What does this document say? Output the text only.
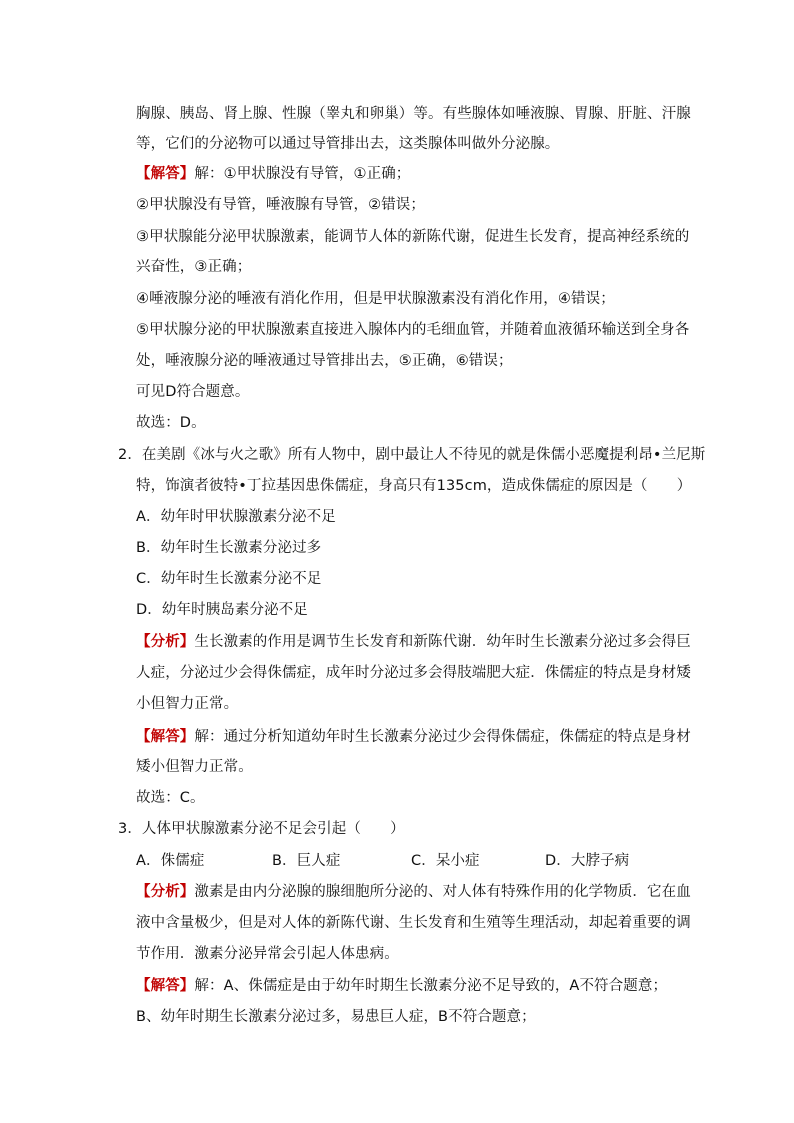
胸腺、胰岛、肾上腺、性腺（睾丸和卵巢）等。有些腺体如唾液腺、胃腺、肝脏、汗腺
等，它们的分泌物可以通过导管排出去，这类腺体叫做外分泌腺。
【解答】解：①甲状腺没有导管，①正确；
②甲状腺没有导管，唾液腺有导管，②错误；
③甲状腺能分泌甲状腺激素，能调节人体的新陈代谢，促进生长发育，提高神经系统的
兴奋性，③正确；
④唾液腺分泌的唾液有消化作用，但是甲状腺激素没有消化作用，④错误；
⑤甲状腺分泌的甲状腺激素直接进入腺体内的毛细血管，并随着血液循环输送到全身各
处，唾液腺分泌的唾液通过导管排出去，⑤正确，⑥错误；
可见D符合题意。
故选：D。
2．在美剧《冰与火之歌》所有人物中，剧中最让人不待见的就是侏儒小恶魔提利昂•兰尼斯
特，饰演者彼特•丁拉基因患侏儒症，身高只有135cm，造成侏儒症的原因是（　　）
A．幼年时甲状腺激素分泌不足
B．幼年时生长激素分泌过多
C．幼年时生长激素分泌不足
D．幼年时胰岛素分泌不足
【分析】生长激素的作用是调节生长发育和新陈代谢．幼年时生长激素分泌过多会得巨
人症，分泌过少会得侏儒症，成年时分泌过多会得肢端肥大症．侏儒症的特点是身材矮
小但智力正常。
【解答】解：通过分析知道幼年时生长激素分泌过少会得侏儒症，侏儒症的特点是身材
矮小但智力正常。
故选：C。
3．人体甲状腺激素分泌不足会引起（　　）
A．侏儒症	B．巨人症	C．呆小症	D．大脖子病
【分析】激素是由内分泌腺的腺细胞所分泌的、对人体有特殊作用的化学物质．它在血
液中含量极少，但是对人体的新陈代谢、生长发育和生殖等生理活动，却起着重要的调
节作用．激素分泌异常会引起人体患病。
【解答】解：A、侏儒症是由于幼年时期生长激素分泌不足导致的，A不符合题意；
B、幼年时期生长激素分泌过多，易患巨人症，B不符合题意；
